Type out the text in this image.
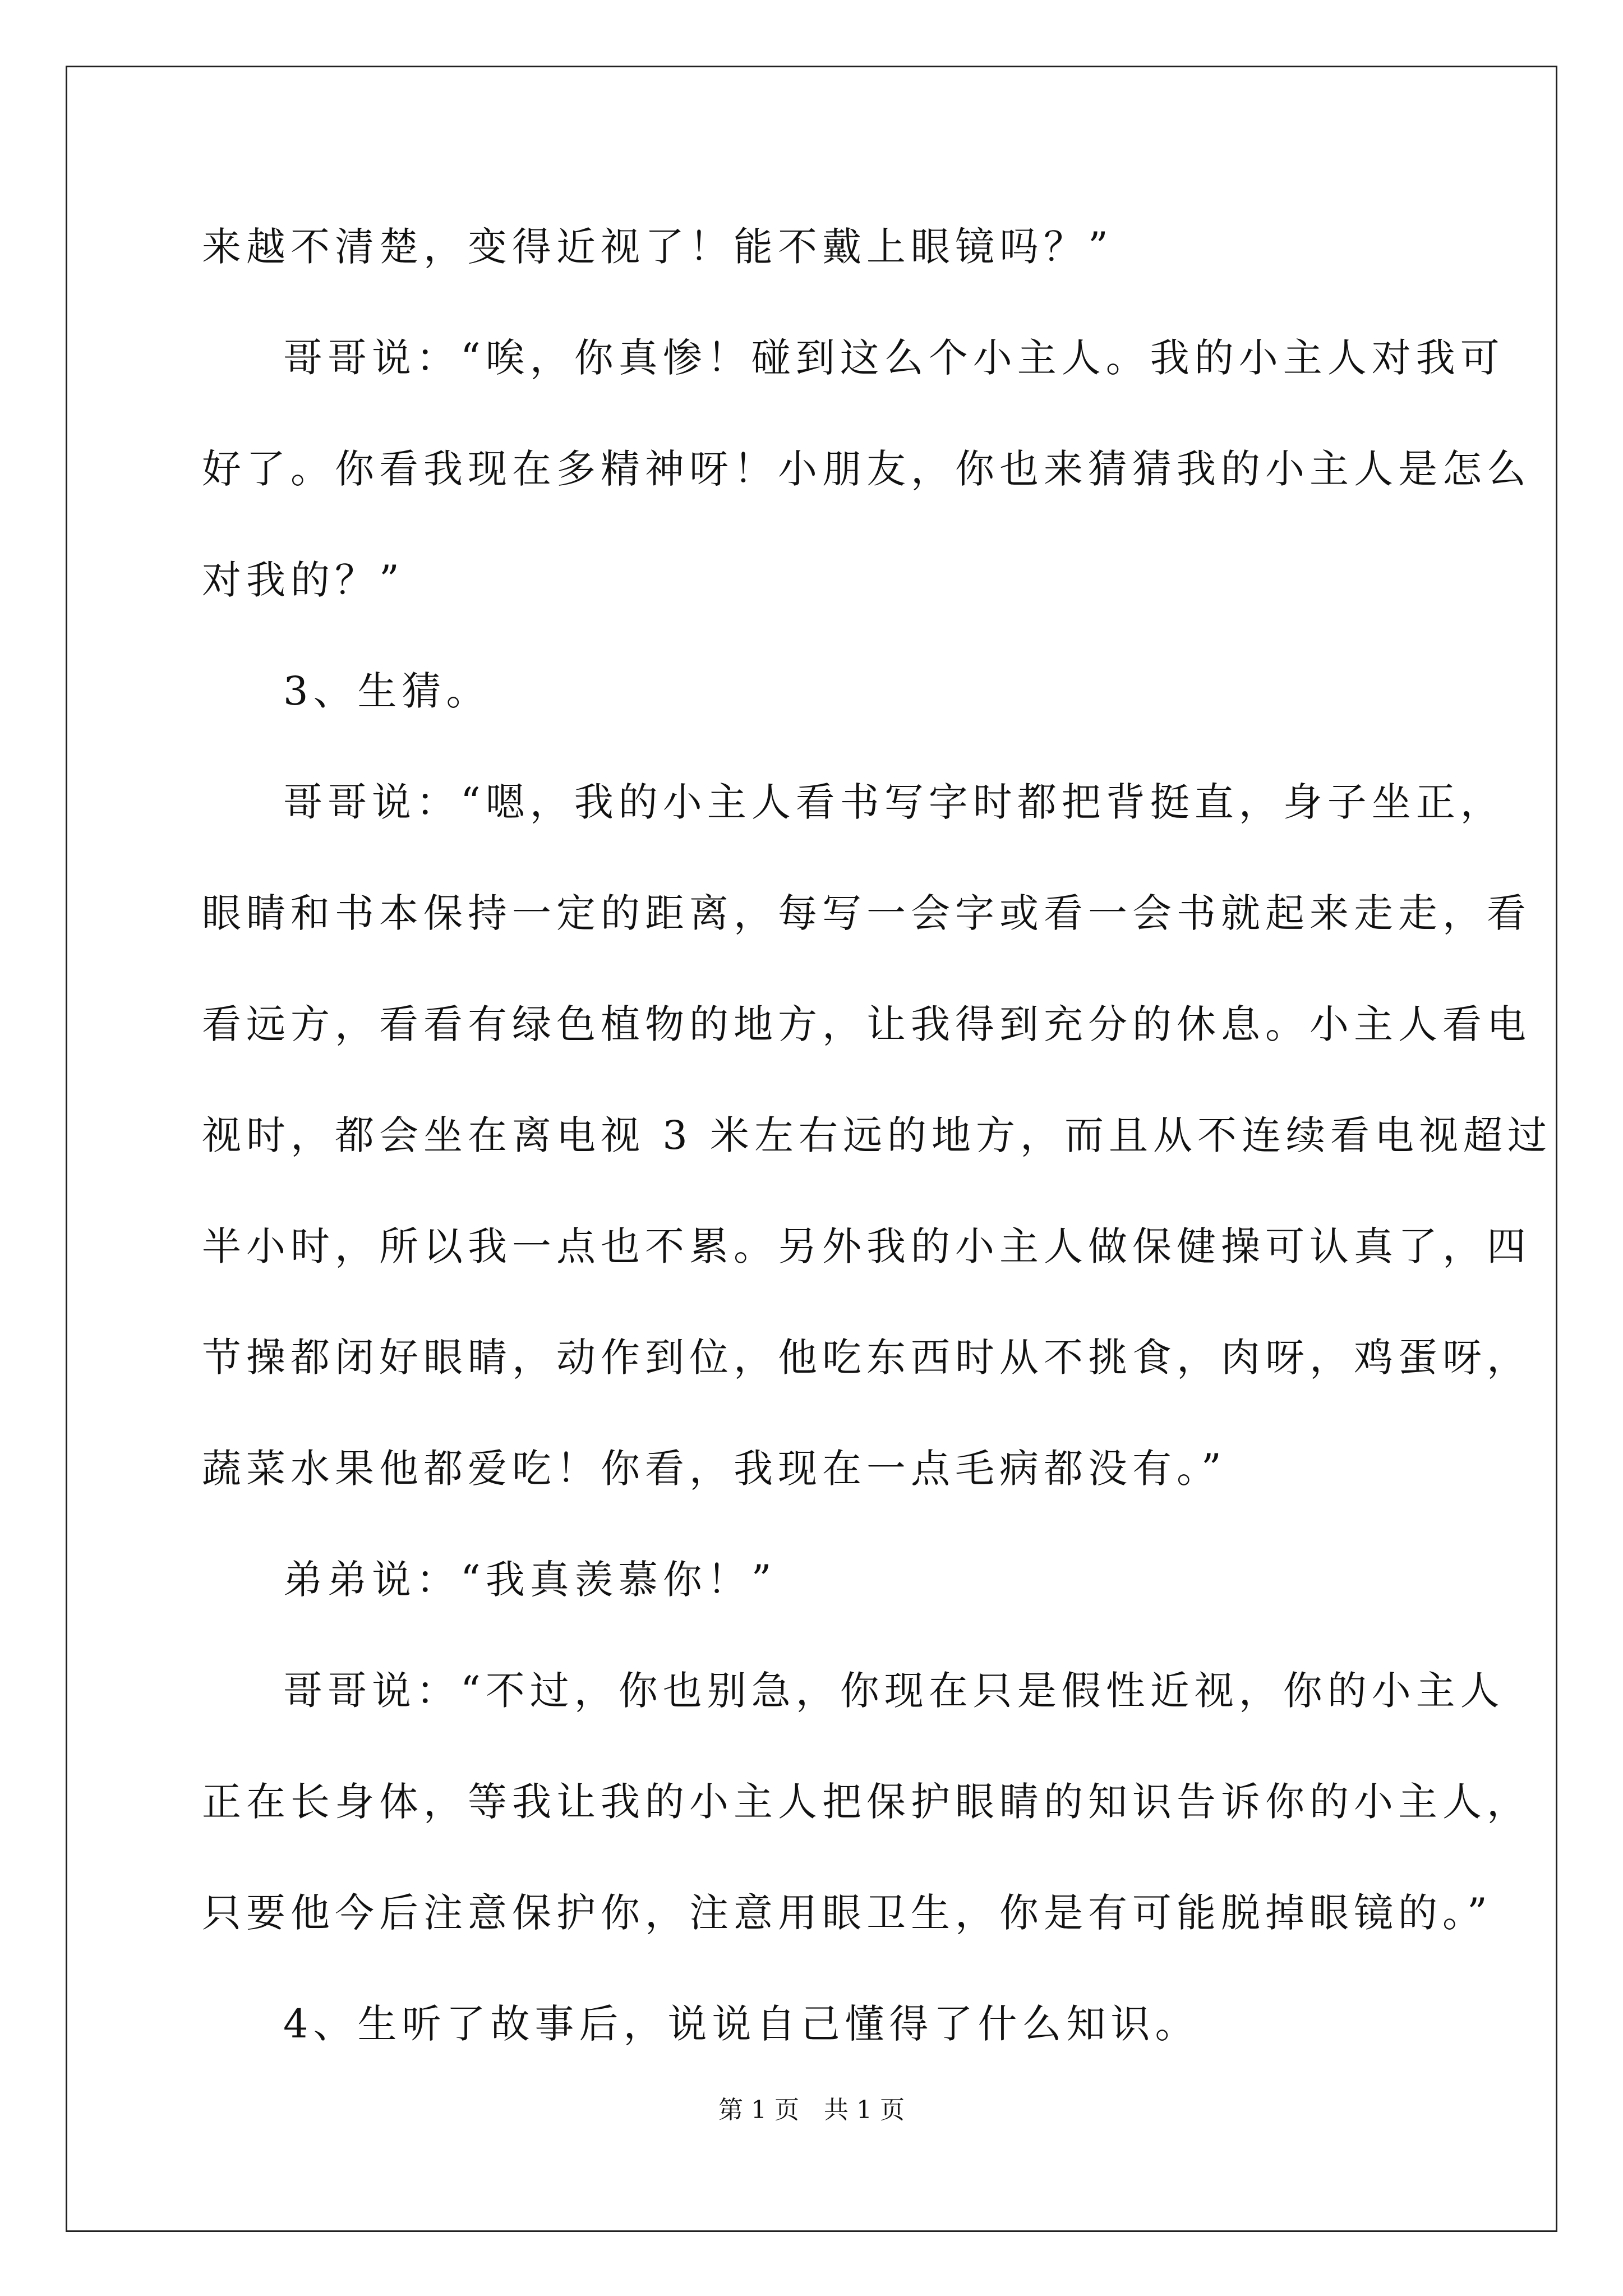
来越不清楚，变得近视了！能不戴上眼镜吗？”
哥哥说：“唉，你真惨！碰到这么个小主人。我的小主人对我可
好了。你看我现在多精神呀！小朋友，你也来猜猜我的小主人是怎么
对我的？”
3、生猜。
哥哥说：“嗯，我的小主人看书写字时都把背挺直，身子坐正，
眼睛和书本保持一定的距离，每写一会字或看一会书就起来走走，看
看远方，看看有绿色植物的地方，让我得到充分的休息。小主人看电
视时，都会坐在离电视 3 米左右远的地方，而且从不连续看电视超过
半小时，所以我一点也不累。另外我的小主人做保健操可认真了，四
节操都闭好眼睛，动作到位，他吃东西时从不挑食，肉呀，鸡蛋呀，
蔬菜水果他都爱吃！你看，我现在一点毛病都没有。”
弟弟说：“我真羡慕你！”
哥哥说：“不过，你也别急，你现在只是假性近视，你的小主人
正在长身体，等我让我的小主人把保护眼睛的知识告诉你的小主人，
只要他今后注意保护你，注意用眼卫生，你是有可能脱掉眼镜的。”
4、生听了故事后，说说自己懂得了什么知识。
第 1 页　共 1 页
